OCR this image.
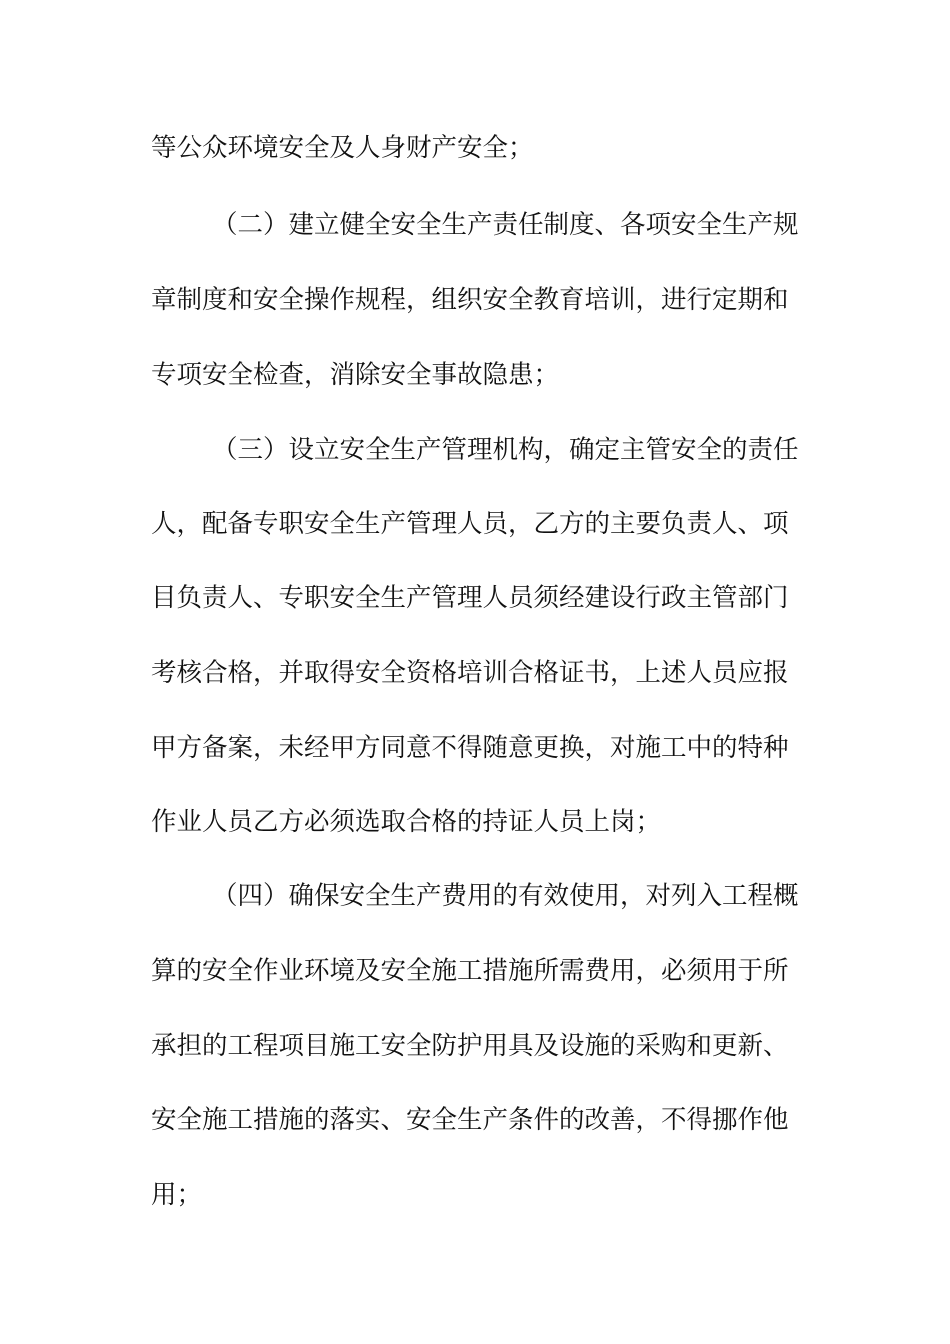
等公众环境安全及人身财产安全；

（二）建立健全安全生产责任制度、各项安全生产规

章制度和安全操作规程，组织安全教育培训，进行定期和

专项安全检查，消除安全事故隐患；

（三）设立安全生产管理机构，确定主管安全的责任

人，配备专职安全生产管理人员，乙方的主要负责人、项

目负责人、专职安全生产管理人员须经建设行政主管部门

考核合格，并取得安全资格培训合格证书，上述人员应报

甲方备案，未经甲方同意不得随意更换，对施工中的特种

作业人员乙方必须选取合格的持证人员上岗；

（四）确保安全生产费用的有效使用，对列入工程概

算的安全作业环境及安全施工措施所需费用，必须用于所

承担的工程项目施工安全防护用具及设施的采购和更新、

安全施工措施的落实、安全生产条件的改善，不得挪作他

用；
